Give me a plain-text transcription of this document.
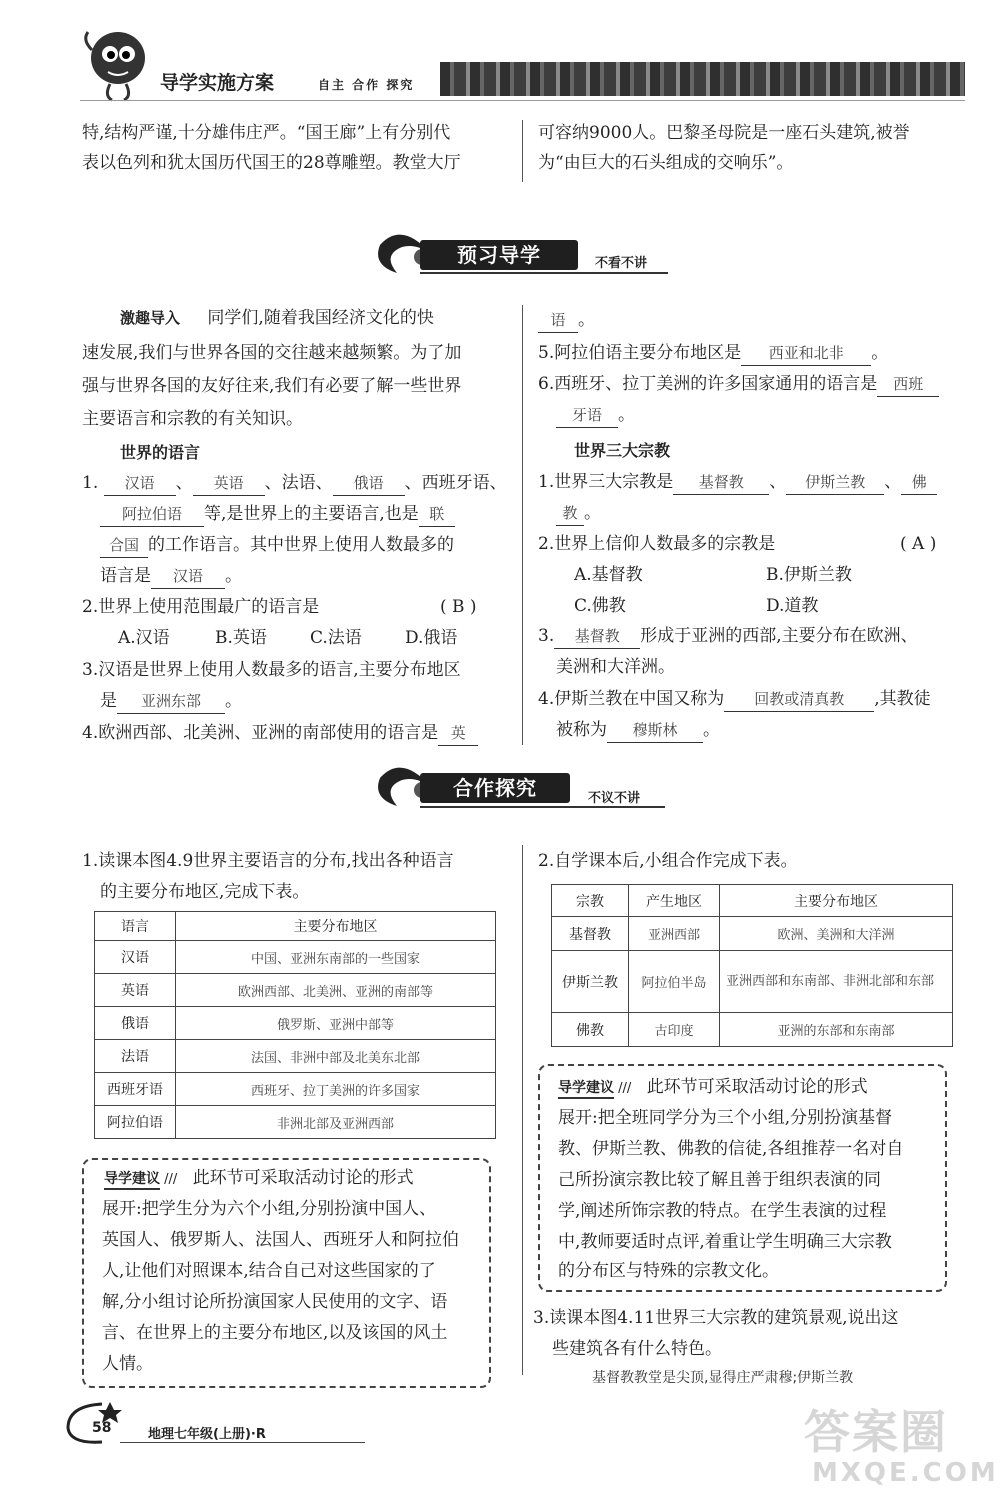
导学实施方案	自主 合作 探究
特,结构严谨,十分雄伟庄严。“国王廊”上有分别代
表以色列和犹太国历代国王的28尊雕塑。教堂大厅
可容纳9000人。巴黎圣母院是一座石头建筑,被誉
为“由巨大的石头组成的交响乐”。
预习导学	不看不讲
激趣导入 同学们,随着我国经济文化的快
速发展,我们与世界各国的交往越来越频繁。为了加
强与世界各国的友好往来,我们有必要了解一些世界
主要语言和宗教的有关知识。
世界的语言
1. 汉语 、 英语 、法语、 俄语 、西班牙语、
阿拉伯语 等,是世界上的主要语言,也是 联
合国 的工作语言。其中世界上使用人数最多的
语言是 汉语 。
2.世界上使用范围最广的语言是	( B )
A.汉语	B.英语	C.法语	D.俄语
3.汉语是世界上使用人数最多的语言,主要分布地区
是 亚洲东部 。
4.欧洲西部、北美洲、亚洲的南部使用的语言是 英
语 。
5.阿拉伯语主要分布地区是 西亚和北非 。
6.西班牙、拉丁美洲的许多国家通用的语言是 西班
牙语 。
世界三大宗教
1.世界三大宗教是 基督教 、 伊斯兰教 、 佛
教 。
2.世界上信仰人数最多的宗教是	( A )
A.基督教	B.伊斯兰教
C.佛教	D.道教
3. 基督教 形成于亚洲的西部,主要分布在欧洲、
美洲和大洋洲。
4.伊斯兰教在中国又称为 回教或清真教 ,其教徒
被称为 穆斯林 。
合作探究	不议不讲
1.读课本图4.9世界主要语言的分布,找出各种语言
的主要分布地区,完成下表。
语言	主要分布地区
汉语	中国、亚洲东南部的一些国家
英语	欧洲西部、北美洲、亚洲的南部等
俄语	俄罗斯、亚洲中部等
法语	法国、非洲中部及北美东北部
西班牙语	西班牙、拉丁美洲的许多国家
阿拉伯语	非洲北部及亚洲西部
导学建议 /// 此环节可采取活动讨论的形式
展开:把学生分为六个小组,分别扮演中国人、
英国人、俄罗斯人、法国人、西班牙人和阿拉伯
人,让他们对照课本,结合自己对这些国家的了
解,分小组讨论所扮演国家人民使用的文字、语
言、在世界上的主要分布地区,以及该国的风土
人情。
2.自学课本后,小组合作完成下表。
宗教	产生地区	主要分布地区
基督教	亚洲西部	欧洲、美洲和大洋洲
伊斯兰教	阿拉伯半岛	亚洲西部和东南部、非洲北部和东部
佛教	古印度	亚洲的东部和东南部
导学建议 /// 此环节可采取活动讨论的形式
展开:把全班同学分为三个小组,分别扮演基督
教、伊斯兰教、佛教的信徒,各组推荐一名对自
己所扮演宗教比较了解且善于组织表演的同
学,阐述所饰宗教的特点。在学生表演的过程
中,教师要适时点评,着重让学生明确三大宗教
的分布区与特殊的宗教文化。
3.读课本图4.11世界三大宗教的建筑景观,说出这
些建筑各有什么特色。
基督教教堂是尖顶,显得庄严肃穆;伊斯兰教
58	地理七年级(上册)·R	答案圈
MXQE.COM
